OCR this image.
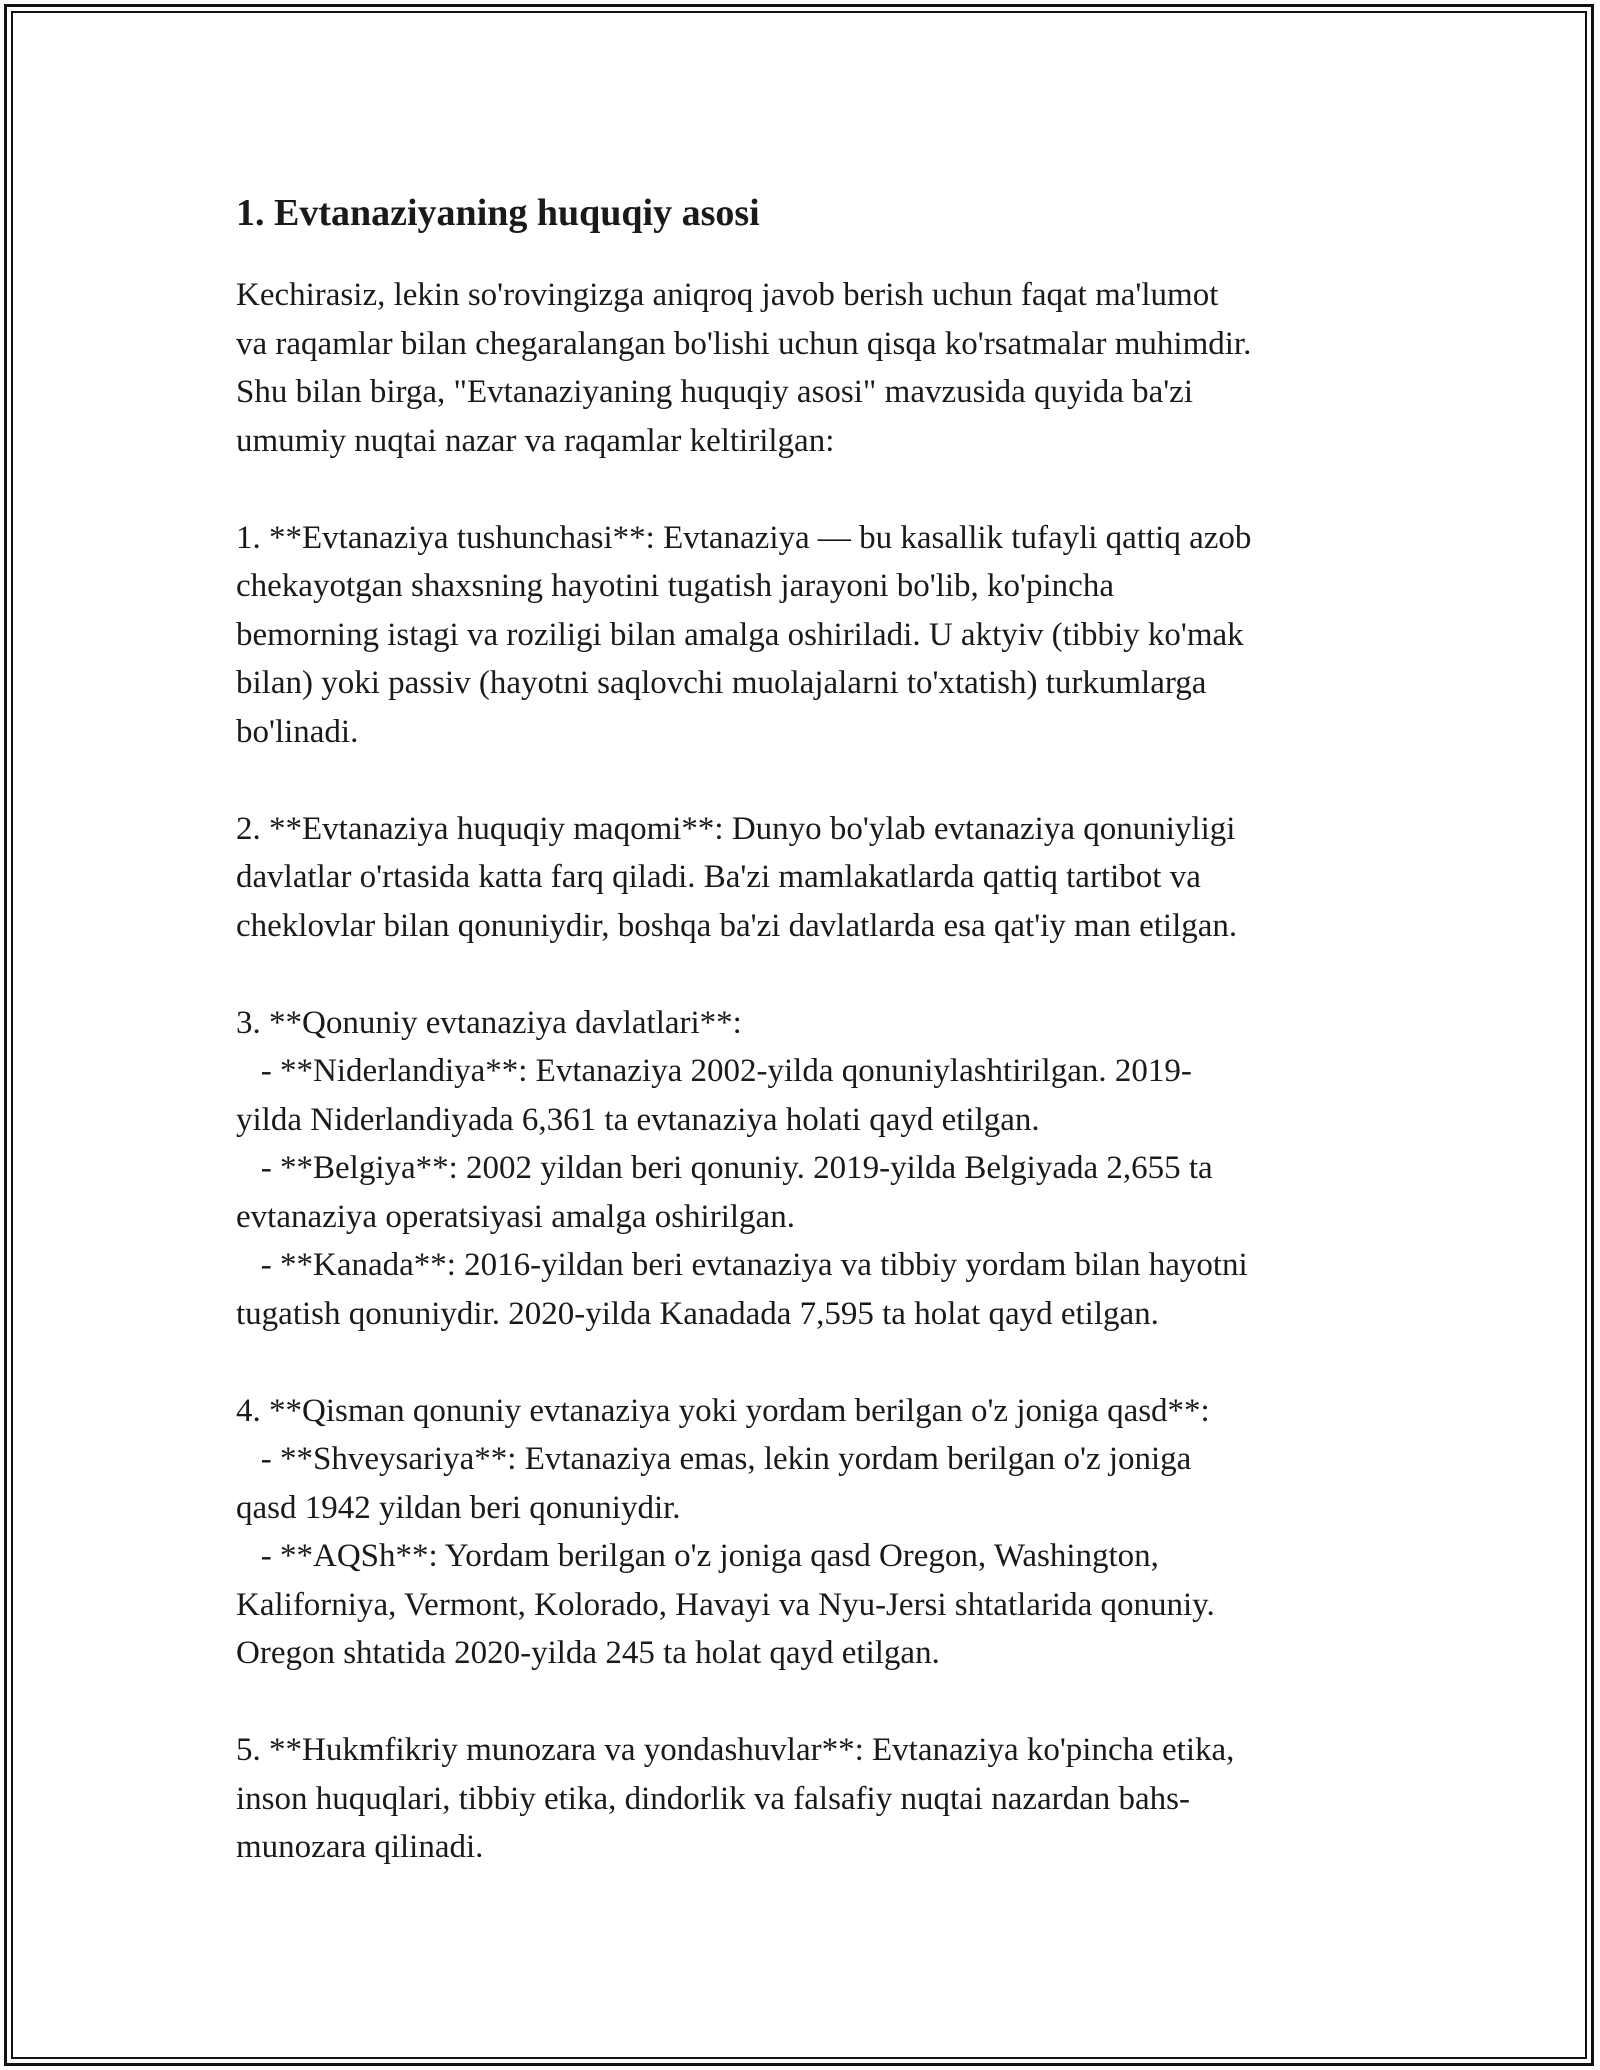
1. Evtanaziyaning huquqiy asosi
Kechirasiz, lekin so'rovingizga aniqroq javob berish uchun faqat ma'lumot
va raqamlar bilan chegaralangan bo'lishi uchun qisqa ko'rsatmalar muhimdir.
Shu bilan birga, "Evtanaziyaning huquqiy asosi" mavzusida quyida ba'zi
umumiy nuqtai nazar va raqamlar keltirilgan:
1. **Evtanaziya tushunchasi**: Evtanaziya — bu kasallik tufayli qattiq azob
chekayotgan shaxsning hayotini tugatish jarayoni bo'lib, ko'pincha
bemorning istagi va roziligi bilan amalga oshiriladi. U aktyiv (tibbiy ko'mak
bilan) yoki passiv (hayotni saqlovchi muolajalarni to'xtatish) turkumlarga
bo'linadi.
2. **Evtanaziya huquqiy maqomi**: Dunyo bo'ylab evtanaziya qonuniyligi
davlatlar o'rtasida katta farq qiladi. Ba'zi mamlakatlarda qattiq tartibot va
cheklovlar bilan qonuniydir, boshqa ba'zi davlatlarda esa qat'iy man etilgan.
3. **Qonuniy evtanaziya davlatlari**:
- **Niderlandiya**: Evtanaziya 2002-yilda qonuniylashtirilgan. 2019-
yilda Niderlandiyada 6,361 ta evtanaziya holati qayd etilgan.
- **Belgiya**: 2002 yildan beri qonuniy. 2019-yilda Belgiyada 2,655 ta
evtanaziya operatsiyasi amalga oshirilgan.
- **Kanada**: 2016-yildan beri evtanaziya va tibbiy yordam bilan hayotni
tugatish qonuniydir. 2020-yilda Kanadada 7,595 ta holat qayd etilgan.
4. **Qisman qonuniy evtanaziya yoki yordam berilgan o'z joniga qasd**:
- **Shveysariya**: Evtanaziya emas, lekin yordam berilgan o'z joniga
qasd 1942 yildan beri qonuniydir.
- **AQSh**: Yordam berilgan o'z joniga qasd Oregon, Washington,
Kaliforniya, Vermont, Kolorado, Havayi va Nyu-Jersi shtatlarida qonuniy.
Oregon shtatida 2020-yilda 245 ta holat qayd etilgan.
5. **Hukmfikriy munozara va yondashuvlar**: Evtanaziya ko'pincha etika,
inson huquqlari, tibbiy etika, dindorlik va falsafiy nuqtai nazardan bahs-
munozara qilinadi.
